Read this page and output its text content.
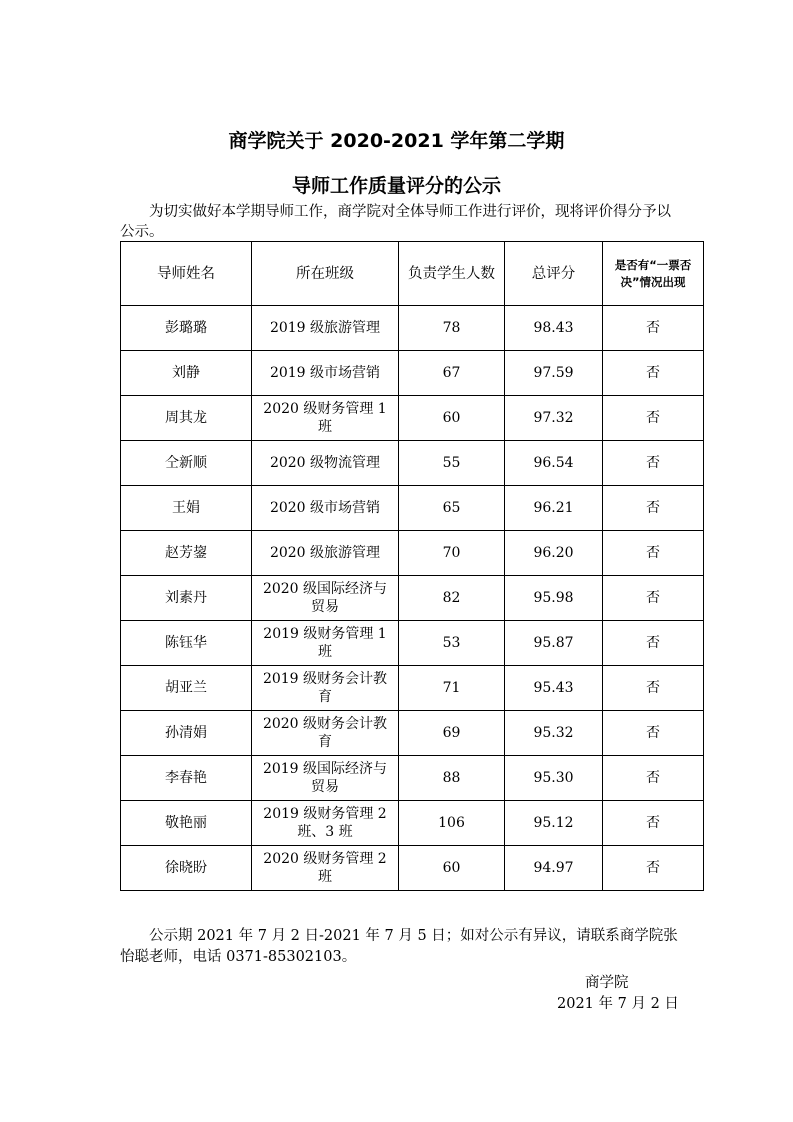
商学院关于 2020-2021 学年第二学期
导师工作质量评分的公示
为切实做好本学期导师工作，商学院对全体导师工作进行评价，现将评价得分予以公示。
导师姓名	所在班级	负责学生人数	总评分	是否有“一票否决”情况出现
彭璐璐	2019 级旅游管理	78	98.43	否
刘静	2019 级市场营销	67	97.59	否
周其龙	2020 级财务管理 1 班	60	97.32	否
仝新顺	2020 级物流管理	55	96.54	否
王娟	2020 级市场营销	65	96.21	否
赵芳鋆	2020 级旅游管理	70	96.20	否
刘素丹	2020 级国际经济与贸易	82	95.98	否
陈钰华	2019 级财务管理 1 班	53	95.87	否
胡亚兰	2019 级财务会计教育	71	95.43	否
孙清娟	2020 级财务会计教育	69	95.32	否
李春艳	2019 级国际经济与贸易	88	95.30	否
敬艳丽	2019 级财务管理 2 班、3 班	106	95.12	否
徐晓盼	2020 级财务管理 2 班	60	94.97	否
公示期 2021 年 7 月 2 日-2021 年 7 月 5 日；如对公示有异议，请联系商学院张怡聪老师，电话 0371-85302103。
商学院
2021 年 7 月 2 日
